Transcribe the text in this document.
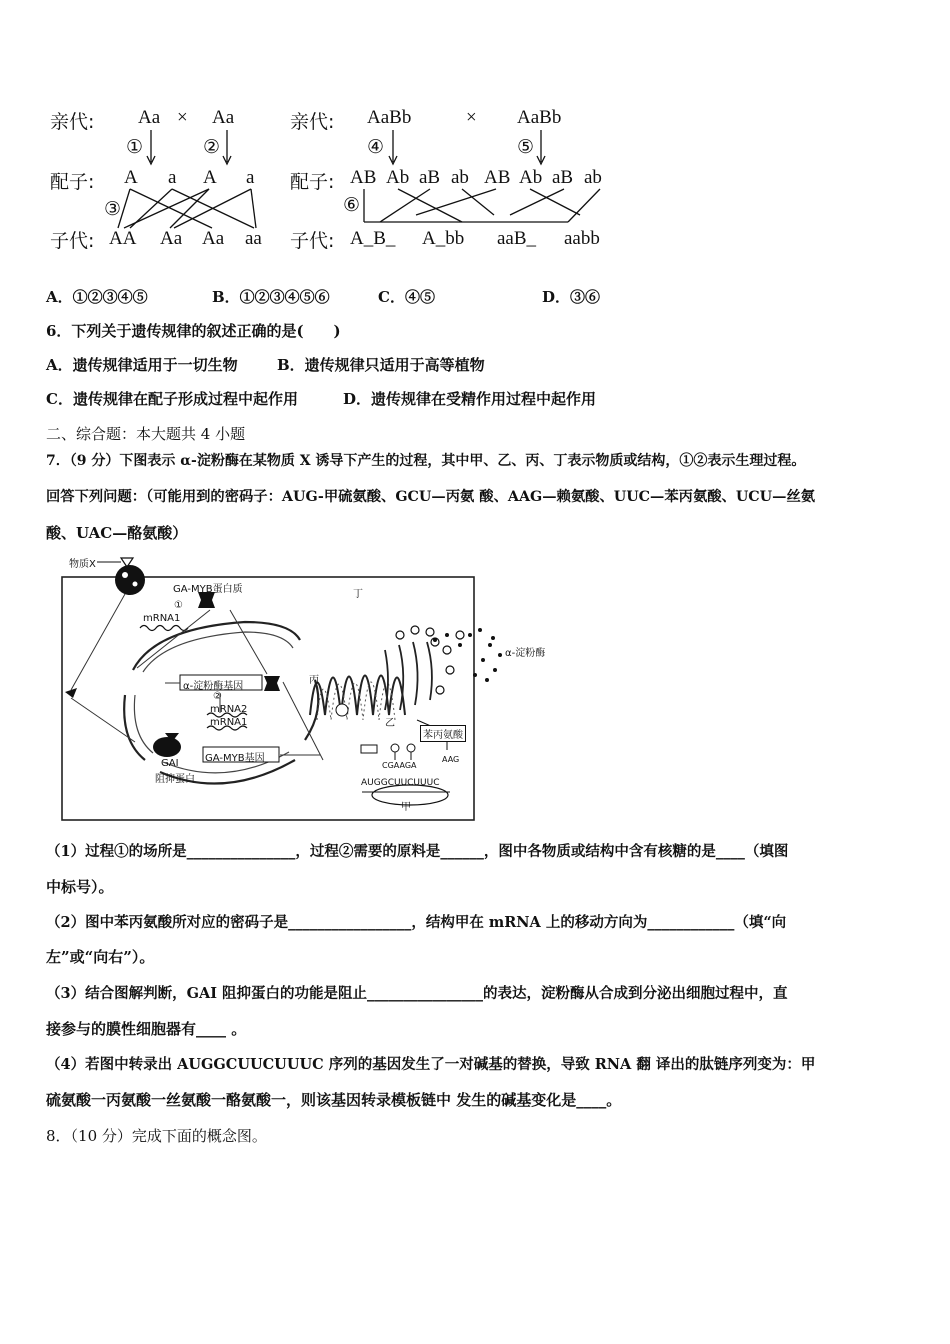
亲代: Aa × Aa
①	②
配子: A a A a
③
子代: AA Aa Aa aa
亲代: AaBb	× AaBb
④	⑤
配子: AB Ab aB ab AB Ab aB ab
⑥
子代: A_B_ A_bb aaB_ aabb
A．①②③④⑤	B．①②③④⑤⑥	C．④⑤	D．③⑥
6．下列关于遗传规律的叙述正确的是(　　)
A．遗传规律适用于一切生物	B．遗传规律只适用于高等植物
C．遗传规律在配子形成过程中起作用	D．遗传规律在受精作用过程中起作用
二、综合题：本大题共 4 小题
7．（9 分）下图表示 α-淀粉酶在某物质 X 诱导下产生的过程，其中甲、乙、丙、丁表示物质或结构，①②表示生理过程。
回答下列问题：（可能用到的密码子：AUG-甲硫氨酸、GCU—丙氨 酸、AAG—赖氨酸、UUC—苯丙氨酸、UCU—丝氨
酸、UAC—酪氨酸）
物质X
GA-MYB蛋白质
①
mRNA1
丁
α-淀粉酶
α-淀粉酶基因
②
丙
mRNA2
mRNA1
GA-MYB基因
乙
苯丙氨酸
GAI
阻抑蛋白
CGAAGA
AAG
AUGGCUUCUUUC
甲
（1）过程①的场所是_______________，过程②需要的原料是______，图中各物质或结构中含有核糖的是____（填图
中标号）。
（2）图中苯丙氨酸所对应的密码子是_________________，结构甲在 mRNA 上的移动方向为____________（填“向
左”或“向右”）。
（3）结合图解判断，GAI 阻抑蛋白的功能是阻止________________的表达，淀粉酶从合成到分泌出细胞过程中，直
接参与的膜性细胞器有____ 。
（4）若图中转录出 AUGGCUUCUUUC 序列的基因发生了一对碱基的替换，导致 RNA 翻 译出的肽链序列变为：甲
硫氨酸一丙氨酸一丝氨酸一酪氨酸一，则该基因转录模板链中 发生的碱基变化是____。
8．（10 分）完成下面的概念图。
